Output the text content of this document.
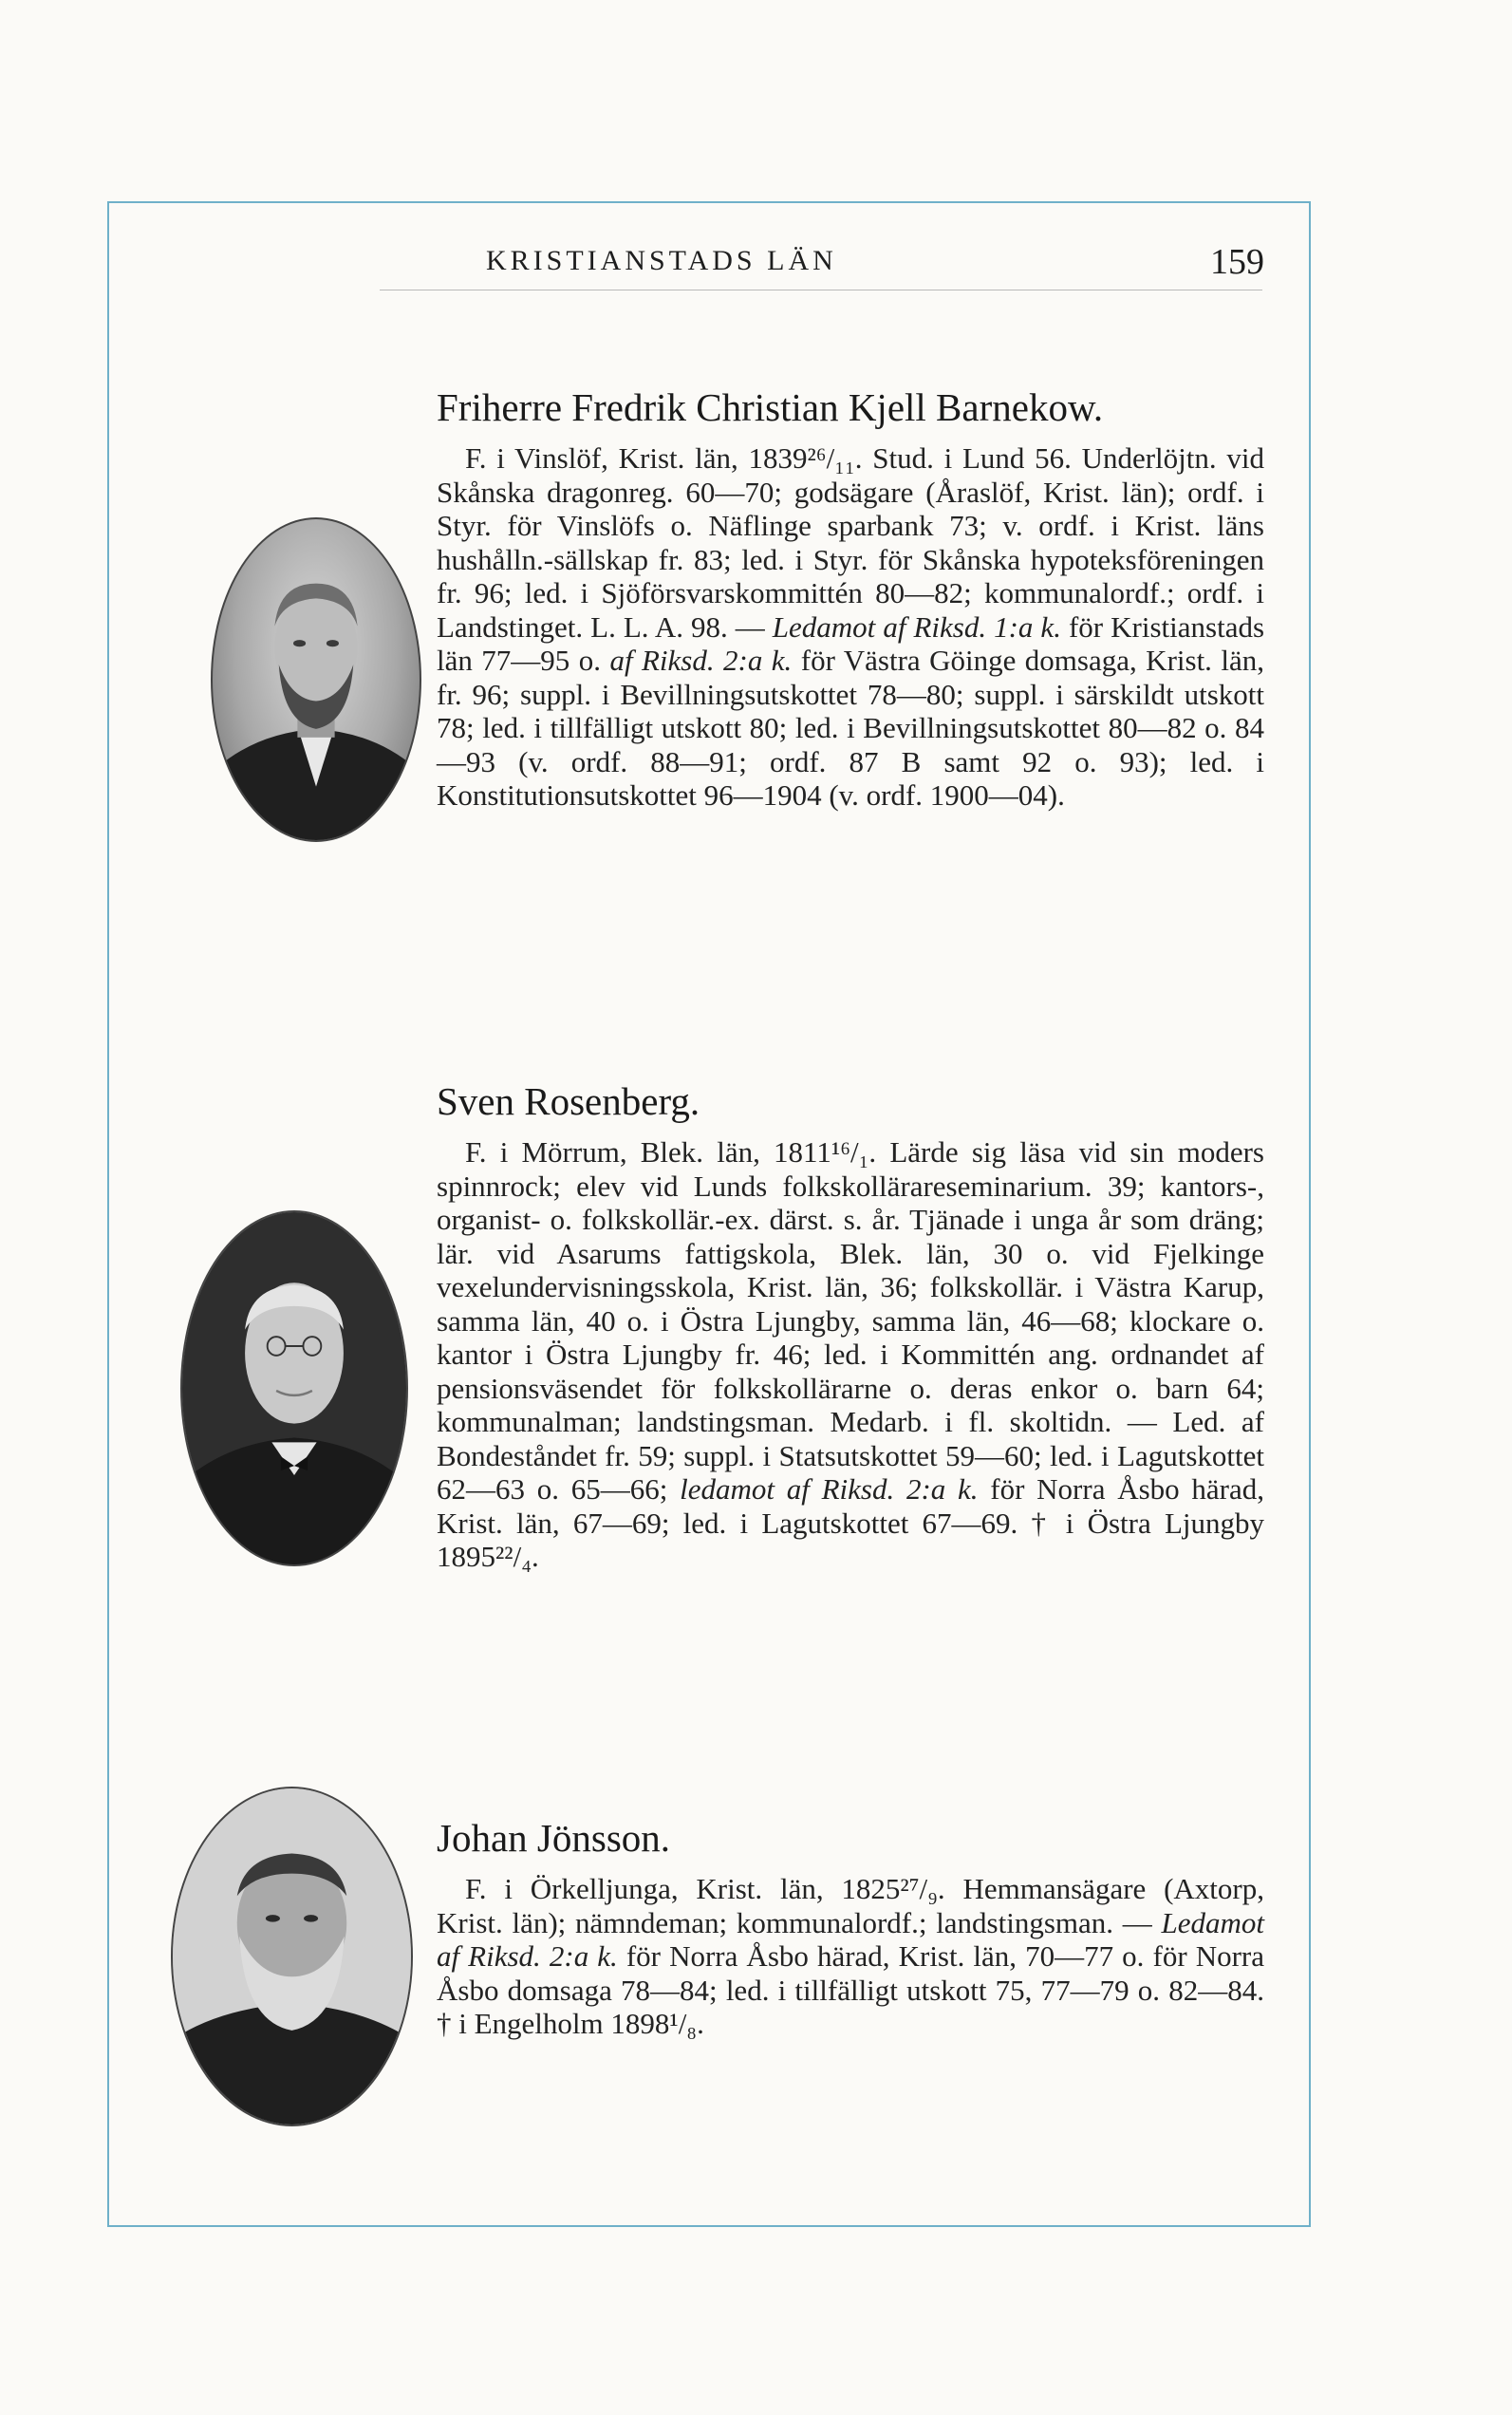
KRISTIANSTADS LÄN	159
Friherre Fredrik Christian Kjell Barnekow.

F. i Vinslöf, Krist. län, 1839²⁶/₁₁. Stud. i Lund 56. Underlöjtn. vid Skånska dragonreg. 60—70; godsägare (Åraslöf, Krist. län); ordf. i Styr. för Vinslöfs o. Näflinge sparbank 73; v. ordf. i Krist. läns hushålln.-sällskap fr. 83; led. i Styr. för Skånska hypoteksföreningen fr. 96; led. i Sjöförsvarskommittén 80—82; kommunalordf.; ordf. i Landstinget. L. L. A. 98. — Ledamot af Riksd. 1:a k. för Kristianstads län 77—95 o. af Riksd. 2:a k. för Västra Göinge domsaga, Krist. län, fr. 96; suppl. i Bevillningsutskottet 78—80; suppl. i särskildt utskott 78; led. i tillfälligt utskott 80; led. i Bevillningsutskottet 80—82 o. 84—93 (v. ordf. 88—91; ordf. 87 B samt 92 o. 93); led. i Konstitutionsutskottet 96—1904 (v. ordf. 1900—04).

Sven Rosenberg.

F. i Mörrum, Blek. län, 1811¹⁶/₁. Lärde sig läsa vid sin moders spinnrock; elev vid Lunds folkskollärareseminarium. 39; kantors-, organist- o. folkskollär.-ex. därst. s. år. Tjänade i unga år som dräng; lär. vid Asarums fattigskola, Blek. län, 30 o. vid Fjelkinge vexelundervisningsskola, Krist. län, 36; folkskollär. i Västra Karup, samma län, 40 o. i Östra Ljungby, samma län, 46—68; klockare o. kantor i Östra Ljungby fr. 46; led. i Kommittén ang. ordnandet af pensionsväsendet för folkskollärarne o. deras enkor o. barn 64; kommunalman; landstingsman. Medarb. i fl. skoltidn. — Led. af Bondeståndet fr. 59; suppl. i Statsutskottet 59—60; led. i Lagutskottet 62—63 o. 65—66; ledamot af Riksd. 2:a k. för Norra Åsbo härad, Krist. län, 67—69; led. i Lagutskottet 67—69. † i Östra Ljungby 1895²²/₄.

Johan Jönsson.

F. i Örkelljunga, Krist. län, 1825²⁷/₉. Hemmansägare (Axtorp, Krist. län); nämndeman; kommunalordf.; landstingsman. — Ledamot af Riksd. 2:a k. för Norra Åsbo härad, Krist. län, 70—77 o. för Norra Åsbo domsaga 78—84; led. i tillfälligt utskott 75, 77—79 o. 82—84. † i Engelholm 1898¹/₈.
